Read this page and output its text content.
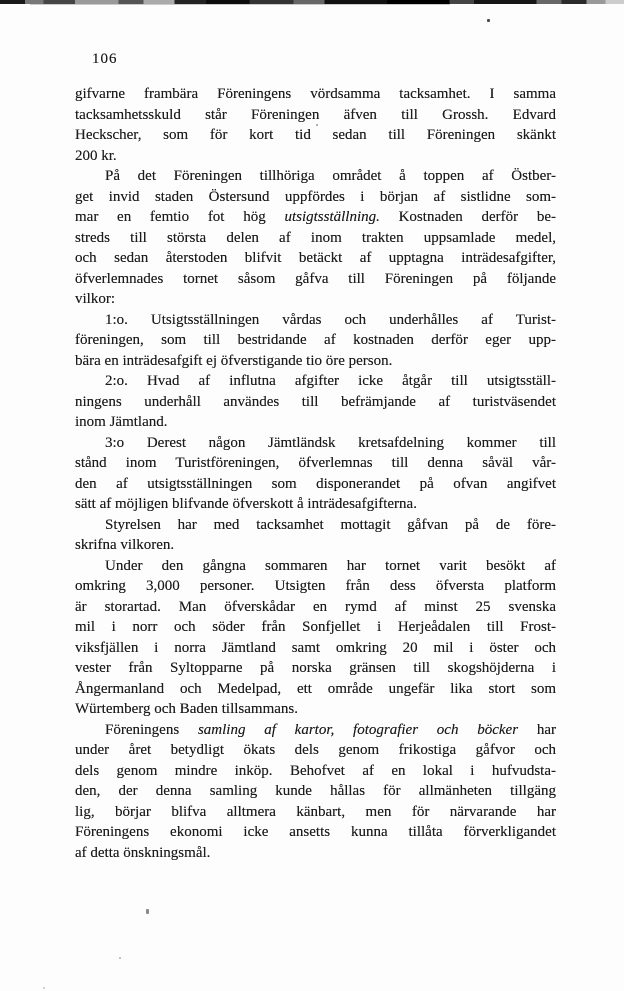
106
gifvarne frambära Föreningens vördsamma tacksamhet. I samma
tacksamhetsskuld står Föreningen äfven till Grossh. Edvard
Heckscher, som för kort tid sedan till Föreningen skänkt
200 kr.
På det Föreningen tillhöriga området å toppen af Östber-
get invid staden Östersund uppfördes i början af sistlidne som-
mar en femtio fot hög utsigtsställning. Kostnaden derför be-
streds till största delen af inom trakten uppsamlade medel,
och sedan återstoden blifvit betäckt af upptagna inträdesafgifter,
öfverlemnades tornet såsom gåfva till Föreningen på följande
vilkor:
1:o. Utsigtsställningen vårdas och underhålles af Turist-
föreningen, som till bestridande af kostnaden derför eger upp-
bära en inträdesafgift ej öfverstigande tio öre person.
2:o. Hvad af influtna afgifter icke åtgår till utsigtsställ-
ningens underhåll användes till befrämjande af turistväsendet
inom Jämtland.
3:o Derest någon Jämtländsk kretsafdelning kommer till
stånd inom Turistföreningen, öfverlemnas till denna såväl vår-
den af utsigtsställningen som disponerandet på ofvan angifvet
sätt af möjligen blifvande öfverskott å inträdesafgifterna.
Styrelsen har med tacksamhet mottagit gåfvan på de före-
skrifna vilkoren.
Under den gångna sommaren har tornet varit besökt af
omkring 3,000 personer. Utsigten från dess öfversta platform
är storartad. Man öfverskådar en rymd af minst 25 svenska
mil i norr och söder från Sonfjellet i Herjeådalen till Frost-
viksfjällen i norra Jämtland samt omkring 20 mil i öster och
vester från Syltopparne på norska gränsen till skogshöjderna i
Ångermanland och Medelpad, ett område ungefär lika stort som
Würtemberg och Baden tillsammans.
Föreningens samling af kartor, fotografier och böcker har
under året betydligt ökats dels genom frikostiga gåfvor och
dels genom mindre inköp. Behofvet af en lokal i hufvudsta-
den, der denna samling kunde hållas för allmänheten tillgäng
lig, börjar blifva alltmera känbart, men för närvarande har
Föreningens ekonomi icke ansetts kunna tillåta förverkligandet
af detta önskningsmål.
